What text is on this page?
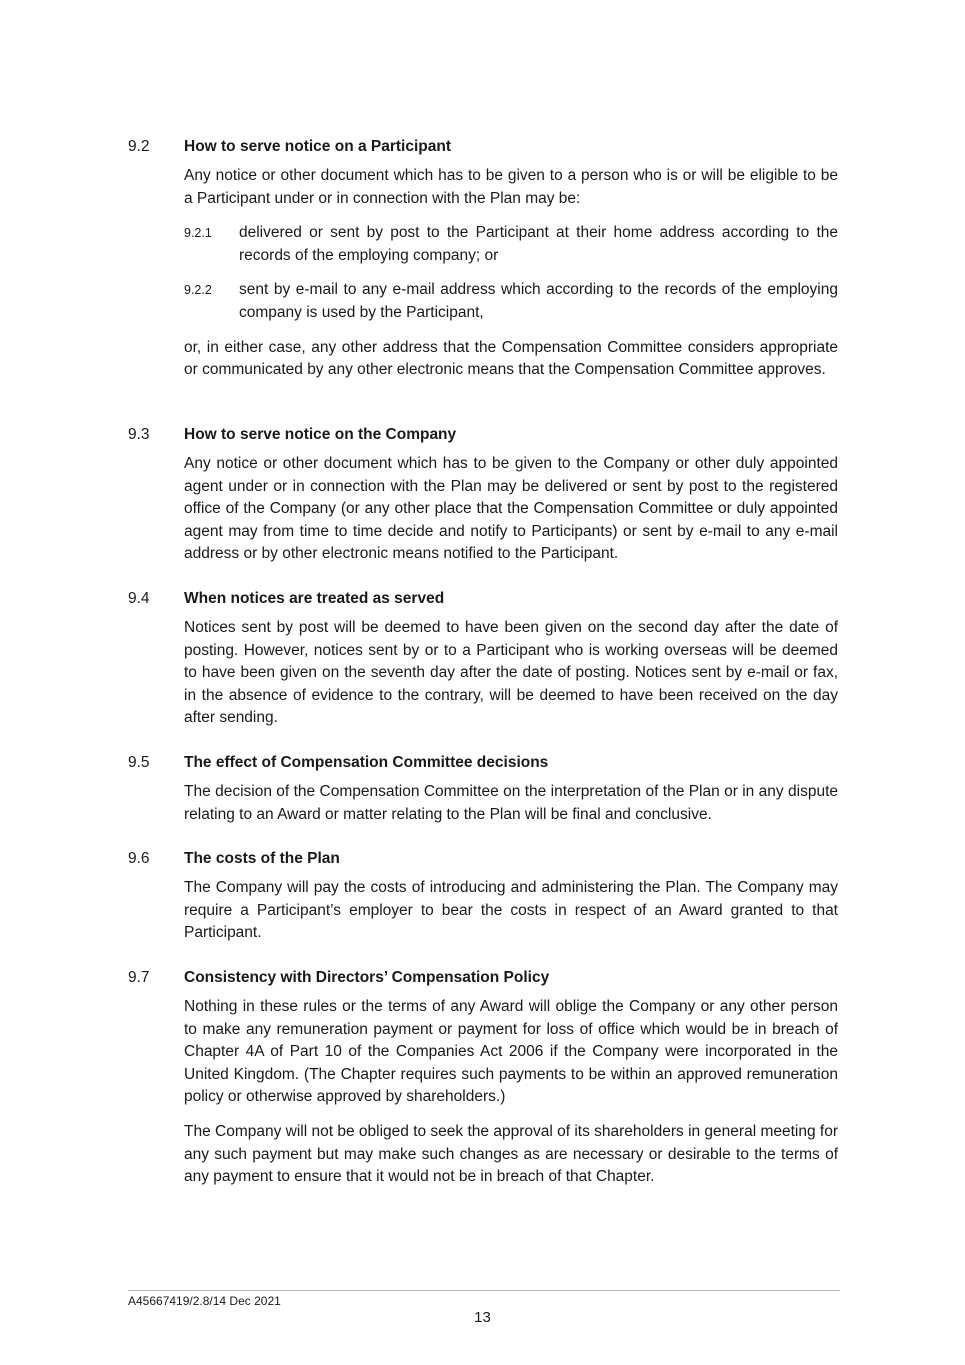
9.2 How to serve notice on a Participant

Any notice or other document which has to be given to a person who is or will be eligible to be a Participant under or in connection with the Plan may be:

9.2.1 delivered or sent by post to the Participant at their home address according to the records of the employing company; or
9.2.2 sent by e-mail to any e-mail address which according to the records of the employing company is used by the Participant,

or, in either case, any other address that the Compensation Committee considers appropriate or communicated by any other electronic means that the Compensation Committee approves.

9.3 How to serve notice on the Company

Any notice or other document which has to be given to the Company or other duly appointed agent under or in connection with the Plan may be delivered or sent by post to the registered office of the Company (or any other place that the Compensation Committee or duly appointed agent may from time to time decide and notify to Participants) or sent by e-mail to any e-mail address or by other electronic means notified to the Participant.

9.4 When notices are treated as served

Notices sent by post will be deemed to have been given on the second day after the date of posting. However, notices sent by or to a Participant who is working overseas will be deemed to have been given on the seventh day after the date of posting. Notices sent by e-mail or fax, in the absence of evidence to the contrary, will be deemed to have been received on the day after sending.

9.5 The effect of Compensation Committee decisions

The decision of the Compensation Committee on the interpretation of the Plan or in any dispute relating to an Award or matter relating to the Plan will be final and conclusive.

9.6 The costs of the Plan

The Company will pay the costs of introducing and administering the Plan. The Company may require a Participant’s employer to bear the costs in respect of an Award granted to that Participant.

9.7 Consistency with Directors’ Compensation Policy

Nothing in these rules or the terms of any Award will oblige the Company or any other person to make any remuneration payment or payment for loss of office which would be in breach of Chapter 4A of Part 10 of the Companies Act 2006 if the Company were incorporated in the United Kingdom. (The Chapter requires such payments to be within an approved remuneration policy or otherwise approved by shareholders.)

The Company will not be obliged to seek the approval of its shareholders in general meeting for any such payment but may make such changes as are necessary or desirable to the terms of any payment to ensure that it would not be in breach of that Chapter.

A45667419/2.8/14 Dec 2021
13
